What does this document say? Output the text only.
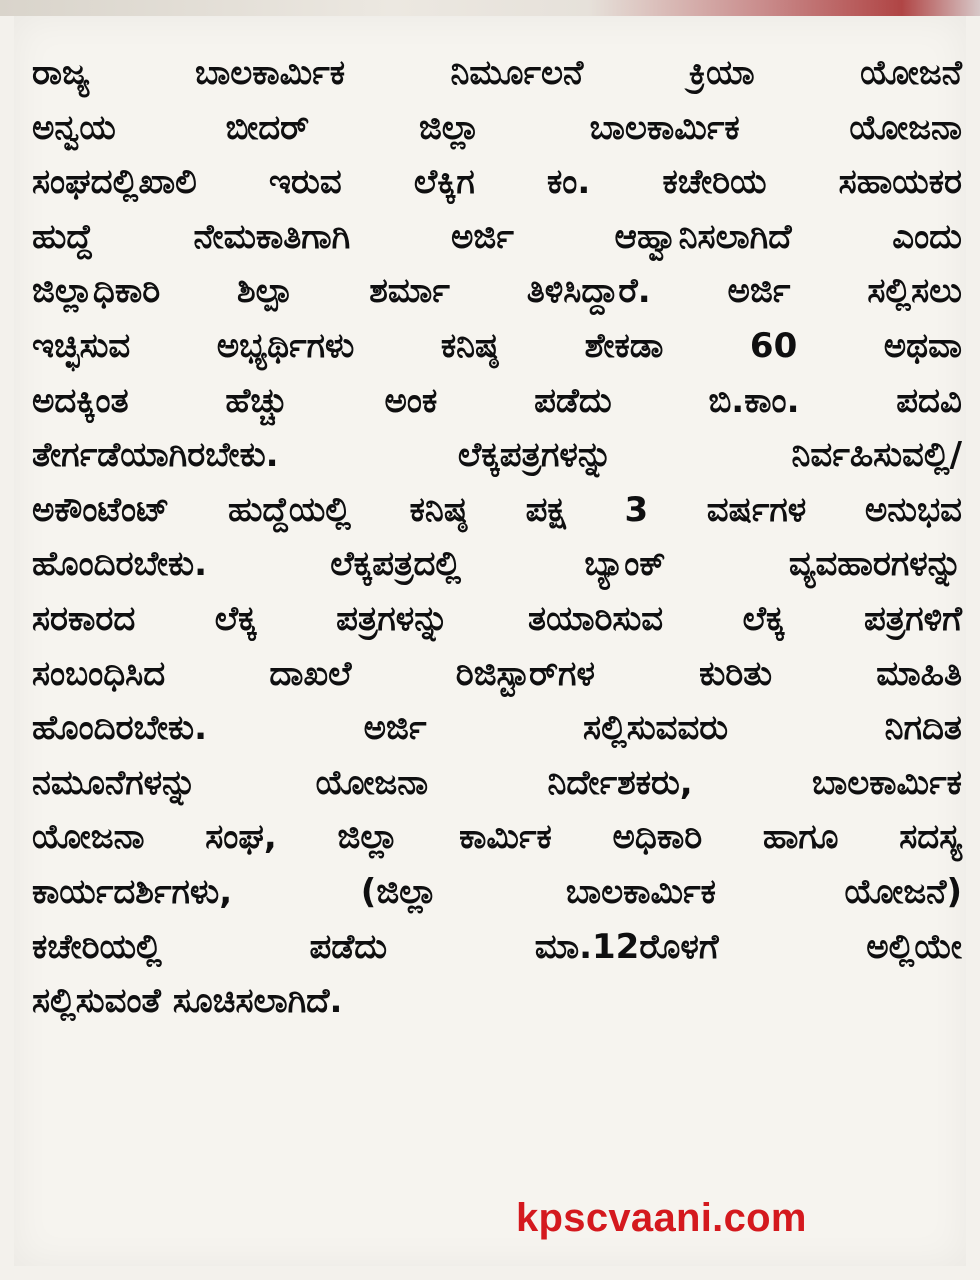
ರಾಜ್ಯ	ಬಾಲಕಾರ್ಮಿಕ	ನಿರ್ಮೂಲನೆ	ಕ್ರಿಯಾ	ಯೋಜನೆ
ಅನ್ವಯ	ಬೀದರ್	ಜಿಲ್ಲಾ	ಬಾಲಕಾರ್ಮಿಕ	ಯೋಜನಾ
ಸಂಘದಲ್ಲಿಖಾಲಿ ಇರುವ ಲೆಕ್ಕಿಗ ಕಂ. ಕಚೇರಿಯ ಸಹಾಯಕರ
ಹುದ್ದೆ	ನೇಮಕಾತಿಗಾಗಿ	ಅರ್ಜಿ	ಆಹ್ವಾನಿಸಲಾಗಿದೆ	ಎಂದು
ಜಿಲ್ಲಾಧಿಕಾರಿ ಶಿಲ್ಪಾ ಶರ್ಮಾ ತಿಳಿಸಿದ್ದಾರೆ. ಅರ್ಜಿ ಸಲ್ಲಿಸಲು
ಇಚ್ಛಿಸುವ	ಅಭ್ಯರ್ಥಿಗಳು	ಕನಿಷ್ಠ	ಶೇಕಡಾ	60	ಅಥವಾ
ಅದಕ್ಕಿಂತ	ಹೆಚ್ಚು	ಅಂಕ	ಪಡೆದು	ಬಿ.ಕಾಂ.	ಪದವಿ
ತೇರ್ಗಡೆಯಾಗಿರಬೇಕು.	ಲೆಕ್ಕಪತ್ರಗಳನ್ನು	ನಿರ್ವಹಿಸುವಲ್ಲಿ/
ಅಕೌಂಟೆಂಟ್ ಹುದ್ದೆಯಲ್ಲಿ ಕನಿಷ್ಠ ಪಕ್ಷ 3 ವರ್ಷಗಳ ಅನುಭವ
ಹೊಂದಿರಬೇಕು.	ಲೆಕ್ಕಪತ್ರದಲ್ಲಿ	ಬ್ಯಾಂಕ್	ವ್ಯವಹಾರಗಳನ್ನು
ಸರಕಾರದ ಲೆಕ್ಕ ಪತ್ರಗಳನ್ನು ತಯಾರಿಸುವ ಲೆಕ್ಕ ಪತ್ರಗಳಿಗೆ
ಸಂಬಂಧಿಸಿದ	ದಾಖಲೆ	ರಿಜಿಸ್ಟಾರ್‌ಗಳ	ಕುರಿತು	ಮಾಹಿತಿ
ಹೊಂದಿರಬೇಕು.	ಅರ್ಜಿ	ಸಲ್ಲಿಸುವವರು	ನಿಗದಿತ
ನಮೂನೆಗಳನ್ನು	ಯೋಜನಾ	ನಿರ್ದೇಶಕರು,	ಬಾಲಕಾರ್ಮಿಕ
ಯೋಜನಾ ಸಂಘ, ಜಿಲ್ಲಾ ಕಾರ್ಮಿಕ ಅಧಿಕಾರಿ ಹಾಗೂ ಸದಸ್ಯ
ಕಾರ್ಯದರ್ಶಿಗಳು,	(ಜಿಲ್ಲಾ	ಬಾಲಕಾರ್ಮಿಕ	ಯೋಜನೆ)
ಕಚೇರಿಯಲ್ಲಿ	ಪಡೆದು	ಮಾ.12ರೊಳಗೆ	ಅಲ್ಲಿಯೇ
ಸಲ್ಲಿಸುವಂತೆ ಸೂಚಿಸಲಾಗಿದೆ.
kpscvaani.com
